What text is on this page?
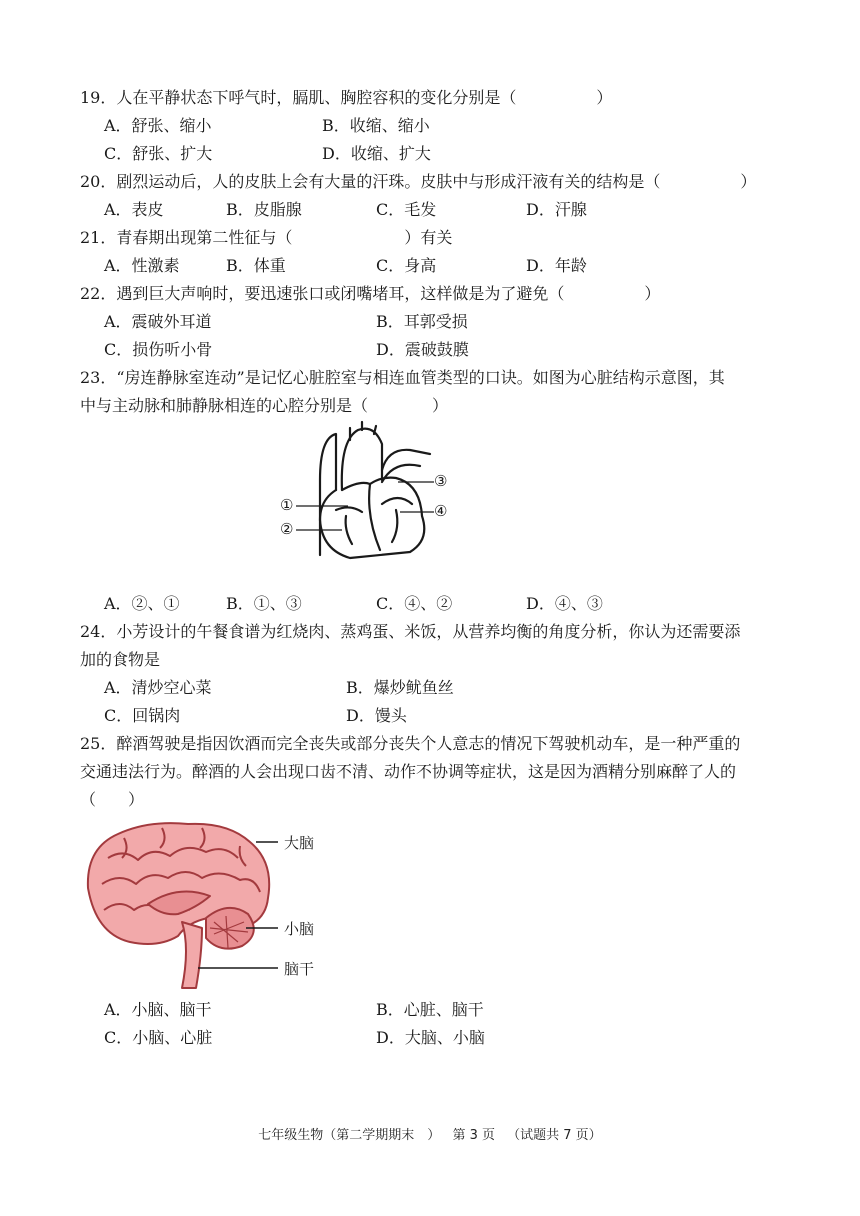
19．人在平静状态下呼气时，膈肌、胸腔容积的变化分别是（　　　　　）
A．舒张、缩小	B．收缩、缩小
C．舒张、扩大	D．收缩、扩大
20．剧烈运动后，人的皮肤上会有大量的汗珠。皮肤中与形成汗液有关的结构是（　　　　　）
A．表皮	B．皮脂腺	C．毛发	D．汗腺
21．青春期出现第二性征与（　　　　　　　）有关
A．性激素	B．体重	C．身高	D．年龄
22．遇到巨大声响时，要迅速张口或闭嘴堵耳，这样做是为了避免（　　　　　）
A．震破外耳道	B．耳郭受损
C．损伤听小骨	D．震破鼓膜
23．“房连静脉室连动”是记忆心脏腔室与相连血管类型的口诀。如图为心脏结构示意图，其
中与主动脉和肺静脉相连的心腔分别是（　　　　）
①
②
③
④
A．②、①	B．①、③	C．④、②	D．④、③
24．小芳设计的午餐食谱为红烧肉、蒸鸡蛋、米饭，从营养均衡的角度分析，你认为还需要添
加的食物是
A．清炒空心菜	B．爆炒鱿鱼丝
C．回锅肉	D．馒头
25．醉酒驾驶是指因饮酒而完全丧失或部分丧失个人意志的情况下驾驶机动车，是一种严重的
交通违法行为。醉酒的人会出现口齿不清、动作不协调等症状，这是因为酒精分别麻醉了人的
（　　）
大脑
小脑
脑干
A．小脑、脑干	B．心脏、脑干
C．小脑、心脏	D．大脑、小脑
七年级生物（第二学期期末　） 第 3 页 （试题共 7 页）
